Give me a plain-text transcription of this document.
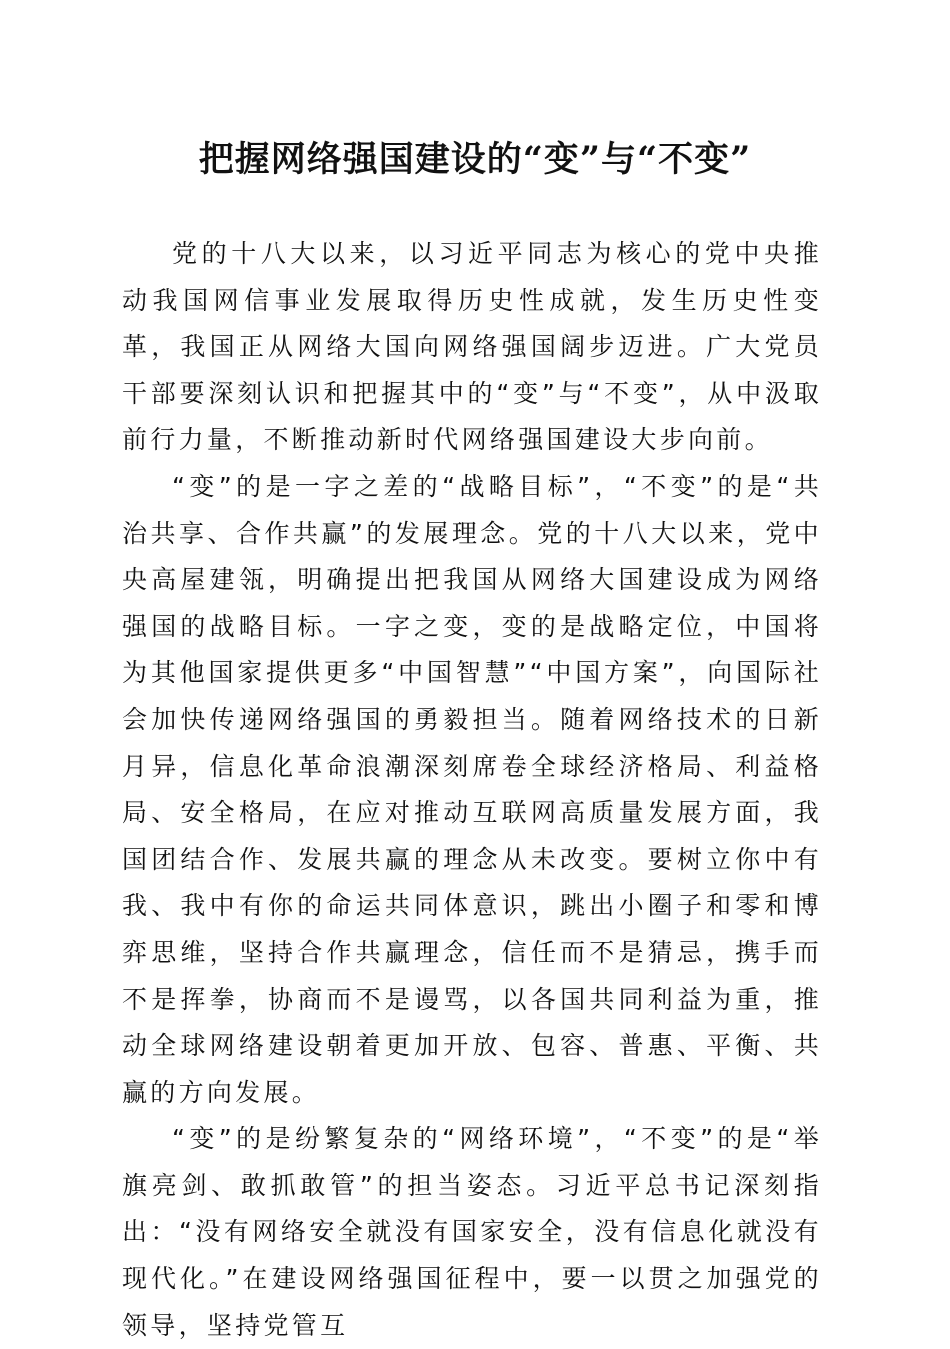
把握网络强国建设的“变”与“不变”

党的十八大以来，以习近平同志为核心的党中央推动我国网信事业发展取得历史性成就，发生历史性变革，我国正从网络大国向网络强国阔步迈进。广大党员干部要深刻认识和把握其中的“变”与“不变”，从中汲取前行力量，不断推动新时代网络强国建设大步向前。

“变”的是一字之差的“战略目标”，“不变”的是“共治共享、合作共赢”的发展理念。党的十八大以来，党中央高屋建瓴，明确提出把我国从网络大国建设成为网络强国的战略目标。一字之变，变的是战略定位，中国将为其他国家提供更多“中国智慧”“中国方案”，向国际社会加快传递网络强国的勇毅担当。随着网络技术的日新月异，信息化革命浪潮深刻席卷全球经济格局、利益格局、安全格局，在应对推动互联网高质量发展方面，我国团结合作、发展共赢的理念从未改变。要树立你中有我、我中有你的命运共同体意识，跳出小圈子和零和博弈思维，坚持合作共赢理念，信任而不是猜忌，携手而不是挥拳，协商而不是谩骂，以各国共同利益为重，推动全球网络建设朝着更加开放、包容、普惠、平衡、共赢的方向发展。

“变”的是纷繁复杂的“网络环境”，“不变”的是“举旗亮剑、敢抓敢管”的担当姿态。习近平总书记深刻指出：“没有网络安全就没有国家安全，没有信息化就没有现代化。”在建设网络强国征程中，要一以贯之加强党的领导，坚持党管互
